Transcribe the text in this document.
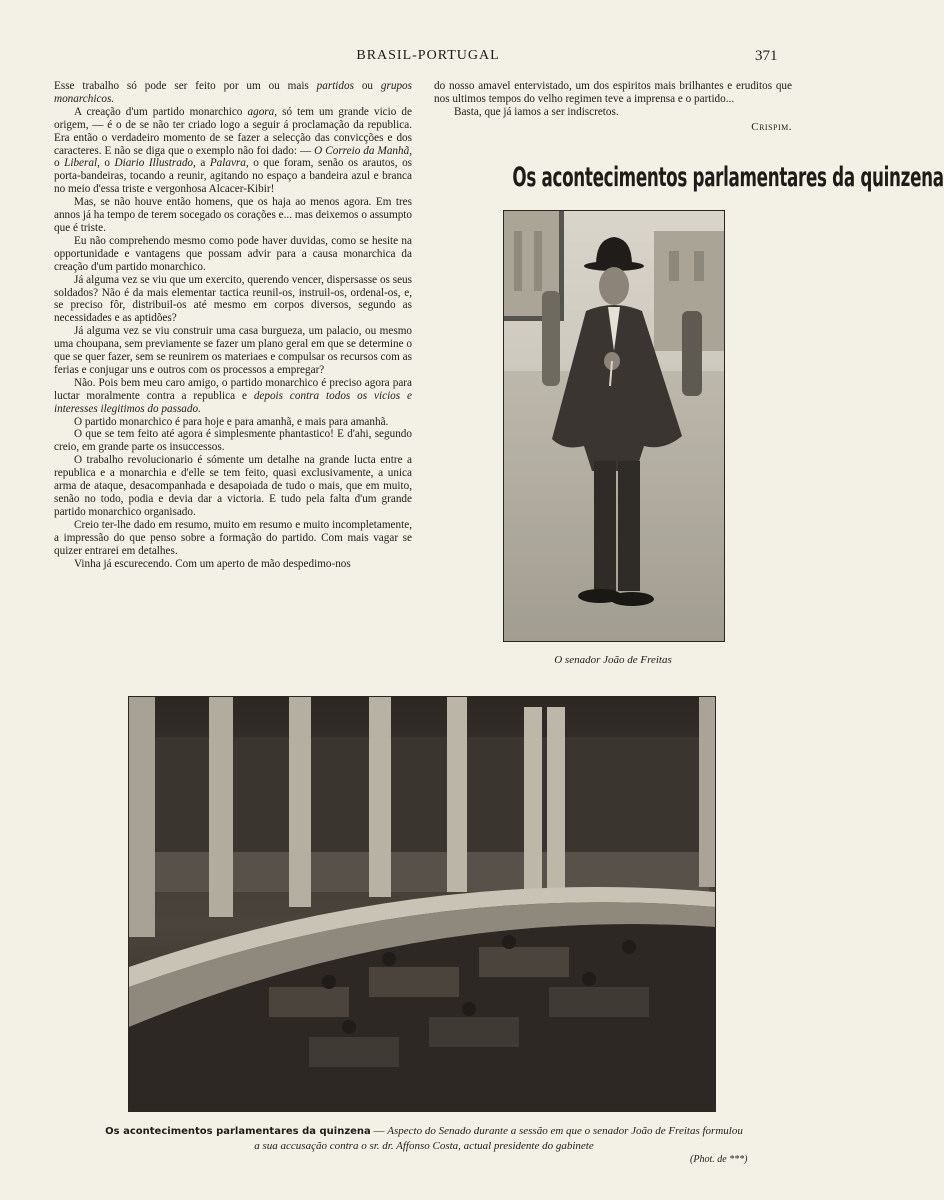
BRASIL-PORTUGAL	371

Esse trabalho só pode ser feito por um ou mais partidos ou grupos monarchicos.

A creação d'um partido monarchico agora, só tem um grande vicio de origem, — é o de se não ter criado logo a seguir á proclamação da republica. Era então o verdadeiro momento de se fazer a selecção das convicções e dos caracteres. E não se diga que o exemplo não foi dado: — O Correio da Manhã, o Liberal, o Diario Illustrado, a Palavra, o que foram, senão os arautos, os porta-bandeiras, tocando a reunir, agitando no espaço a bandeira azul e branca no meio d'essa triste e vergonhosa Alcacer-Kibir!

Mas, se não houve então homens, que os haja ao menos agora. Em tres annos já ha tempo de terem socegado os corações e... mas deixemos o assumpto que é triste.

Eu não comprehendo mesmo como pode haver duvidas, como se hesite na opportunidade e vantagens que possam advir para a causa monarchica da creação d'um partido monarchico.

Já alguma vez se viu que um exercito, querendo vencer, dispersasse os seus soldados? Não é da mais elementar tactica reunil-os, instruil-os, ordenal-os, e, se preciso fôr, distribuil-os até mesmo em corpos diversos, segundo as necessidades e as aptidões?

Já alguma vez se viu construir uma casa burgueza, um palacio, ou mesmo uma choupana, sem previamente se fazer um plano geral em que se determine o que se quer fazer, sem se reunirem os materiaes e compulsar os recursos com as ferias e conjugar uns e outros com os processos a empregar?

Não. Pois bem meu caro amigo, o partido monarchico é preciso agora para luctar moralmente contra a republica e depois contra todos os vicios e interesses ilegitimos do passado.

O partido monarchico é para hoje e para amanhã, e mais para amanhã.

O que se tem feito até agora é simplesmente phantastico! E d'ahi, segundo creio, em grande parte os insuccessos.

O trabalho revolucionario é sómente um detalhe na grande lucta entre a republica e a monarchia e d'elle se tem feito, quasi exclusivamente, a unica arma de ataque, desacompanhada e desapoiada de tudo o mais, que em muito, senão no todo, podia e devia dar a victoria. E tudo pela falta d'um grande partido monarchico organisado.

Creio ter-lhe dado em resumo, muito em resumo e muito incompletamente, a impressão do que penso sobre a formação do partido. Com mais vagar se quizer entrarei em detalhes.

Vinha já escurecendo. Com um aperto de mão despedimo-nos

do nosso amavel entervistado, um dos espiritos mais brilhantes e eruditos que nos ultimos tempos do velho regimen teve a imprensa e o partido...

Basta, que já iamos a ser indiscretos.

Crispim.
Os acontecimentos parlamentares da quinzena
O senador João de Freitas
Os acontecimentos parlamentares da quinzena — Aspecto do Senado durante a sessão em que o senador João de Freitas formulou a sua accusação contra o sr. dr. Affonso Costa, actual presidente do gabinete
(Phot. de ***)
